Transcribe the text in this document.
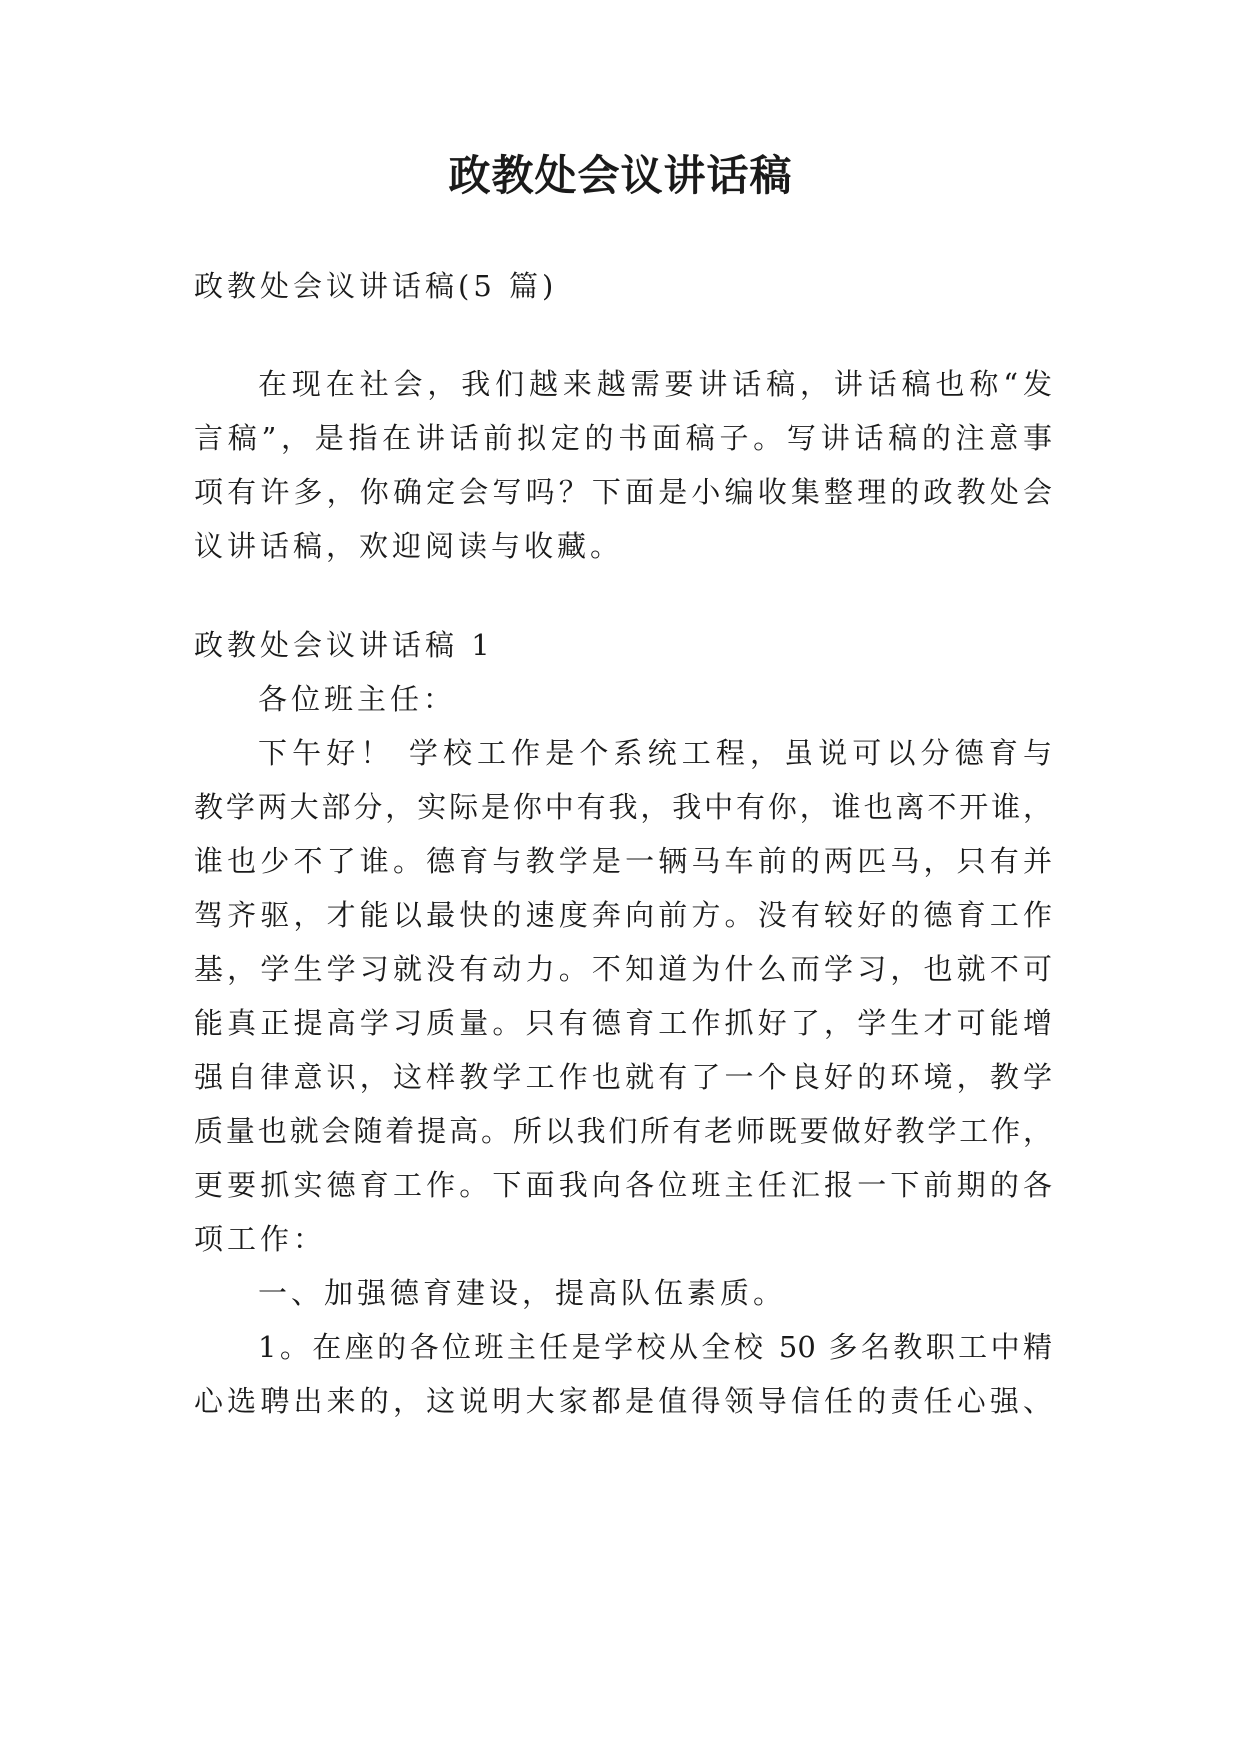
政教处会议讲话稿

政教处会议讲话稿(5 篇)

在现在社会，我们越来越需要讲话稿，讲话稿也称“发

言稿”，是指在讲话前拟定的书面稿子。写讲话稿的注意事

项有许多，你确定会写吗？下面是小编收集整理的政教处会

议讲话稿，欢迎阅读与收藏。

政教处会议讲话稿 1

各位班主任：

下午好！ 学校工作是个系统工程，虽说可以分德育与

教学两大部分，实际是你中有我，我中有你，谁也离不开谁，

谁也少不了谁。德育与教学是一辆马车前的两匹马，只有并

驾齐驱，才能以最快的速度奔向前方。没有较好的德育工作

基，学生学习就没有动力。不知道为什么而学习，也就不可

能真正提高学习质量。只有德育工作抓好了，学生才可能增

强自律意识，这样教学工作也就有了一个良好的环境，教学

质量也就会随着提高。所以我们所有老师既要做好教学工作，

更要抓实德育工作。下面我向各位班主任汇报一下前期的各

项工作：

一、加强德育建设，提高队伍素质。

1。在座的各位班主任是学校从全校 50 多名教职工中精

心选聘出来的，这说明大家都是值得领导信任的责任心强、
